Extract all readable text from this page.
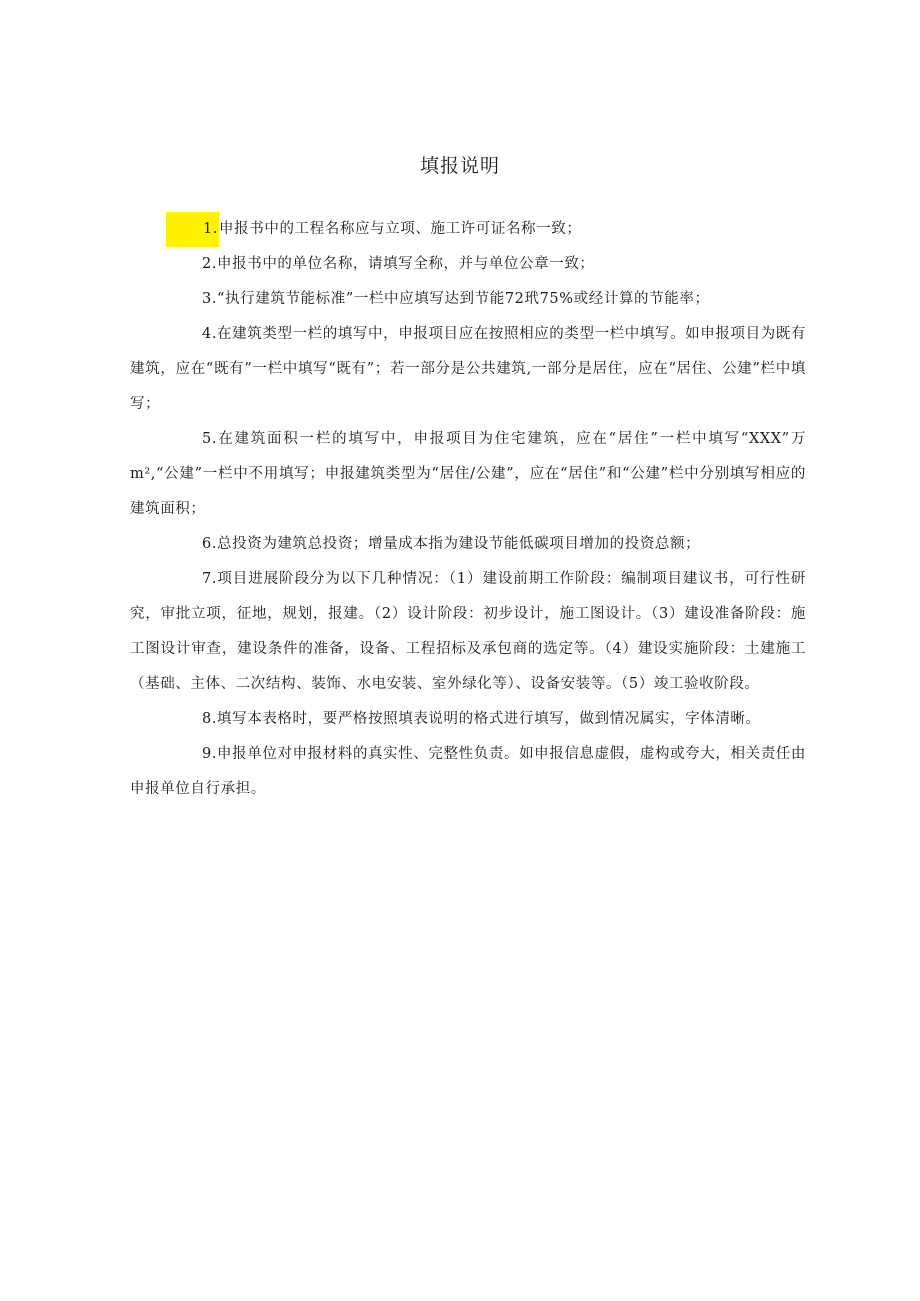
填报说明

1.申报书中的工程名称应与立项、施工许可证名称一致；

2.申报书中的单位名称，请填写全称，并与单位公章一致；

3.“执行建筑节能标准”一栏中应填写达到节能72玳75%或经计算的节能率；

4.在建筑类型一栏的填写中，申报项目应在按照相应的类型一栏中填写。如申报项目为既有建筑，应在“既有”一栏中填写“既有”；若一部分是公共建筑,一部分是居住，应在“居住、公建”栏中填写；

5.在建筑面积一栏的填写中，申报项目为住宅建筑，应在“居住”一栏中填写“XXX”万m²,“公建”一栏中不用填写；申报建筑类型为“居住/公建”，应在“居住”和“公建”栏中分别填写相应的建筑面积；

6.总投资为建筑总投资；增量成本指为建设节能低碳项目增加的投资总额；

7.项目进展阶段分为以下几种情况：（1）建设前期工作阶段：编制项目建议书，可行性研究，审批立项，征地，规划，报建。（2）设计阶段：初步设计，施工图设计。（3）建设准备阶段：施工图设计审查，建设条件的准备，设备、工程招标及承包商的选定等。（4）建设实施阶段：土建施工（基础、主体、二次结构、装饰、水电安装、室外绿化等）、设备安装等。（5）竣工验收阶段。

8.填写本表格时，要严格按照填表说明的格式进行填写，做到情况属实，字体清晰。

9.申报单位对申报材料的真实性、完整性负责。如申报信息虚假，虚构或夸大，相关责任由申报单位自行承担。
